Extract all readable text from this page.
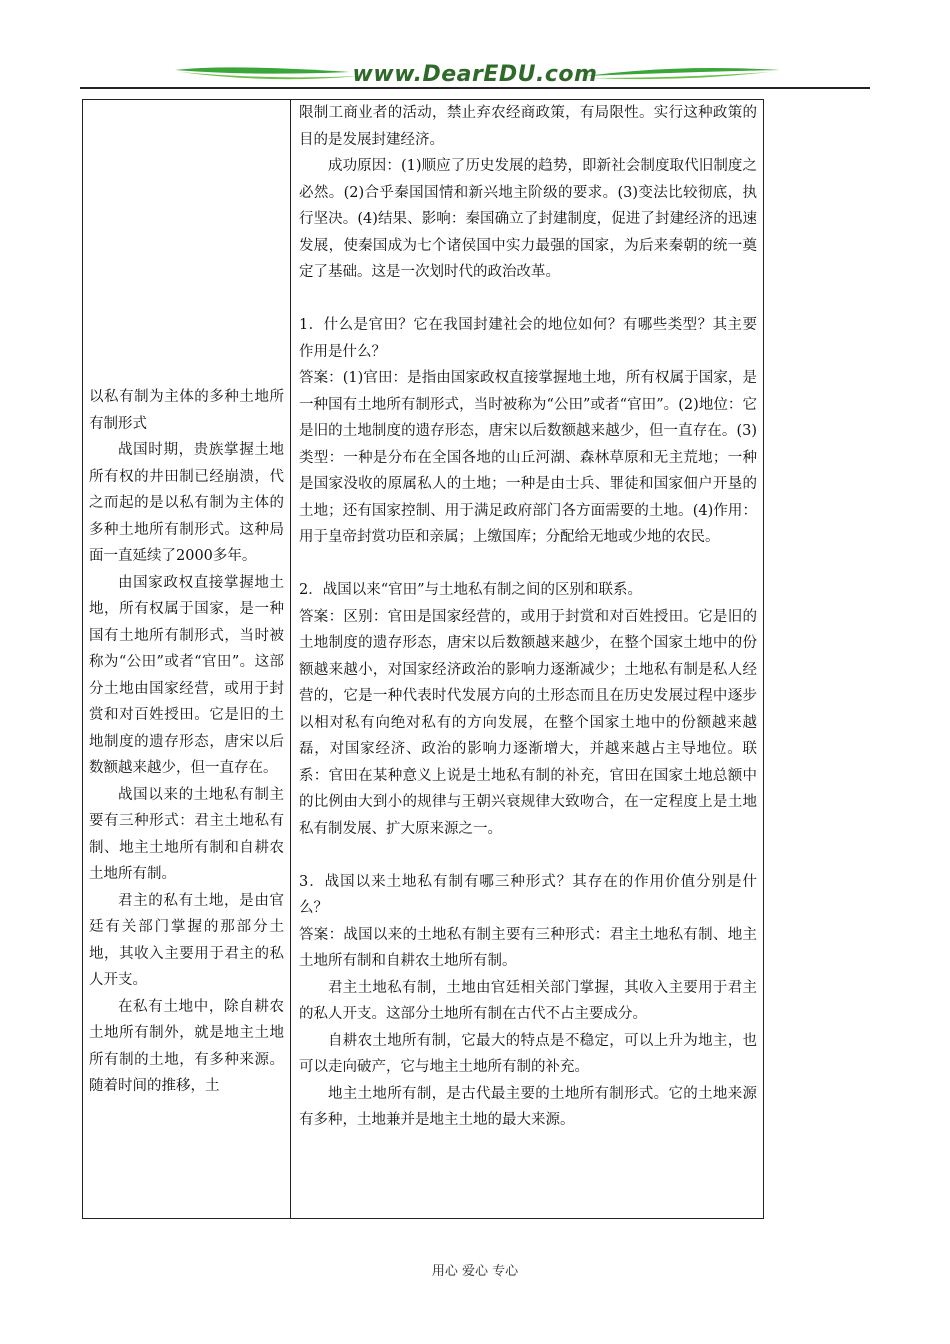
www.DearEDU.com

以私有制为主体的多种土地所有制形式

战国时期，贵族掌握土地所有权的井田制已经崩溃，代之而起的是以私有制为主体的多种土地所有制形式。这种局面一直延续了2000多年。

由国家政权直接掌握地土地，所有权属于国家，是一种国有土地所有制形式，当时被称为“公田”或者“官田”。这部分土地由国家经营，或用于封赏和对百姓授田。它是旧的土地制度的遗存形态，唐宋以后数额越来越少，但一直存在。

战国以来的土地私有制主要有三种形式：君主土地私有制、地主土地所有制和自耕农土地所有制。

君主的私有土地，是由官廷有关部门掌握的那部分土地，其收入主要用于君主的私人开支。

在私有土地中，除自耕农土地所有制外，就是地主土地所有制的土地，有多种来源。随着时间的推移，土

限制工商业者的活动，禁止弃农经商政策，有局限性。实行这种政策的目的是发展封建经济。

成功原因：(1)顺应了历史发展的趋势，即新社会制度取代旧制度之必然。(2)合乎秦国国情和新兴地主阶级的要求。(3)变法比较彻底，执行坚决。(4)结果、影响：秦国确立了封建制度，促进了封建经济的迅速发展，使秦国成为七个诸侯国中实力最强的国家，为后来秦朝的统一奠定了基础。这是一次划时代的政治改革。

1．什么是官田？它在我国封建社会的地位如何？有哪些类型？其主要作用是什么？

答案：(1)官田：是指由国家政权直接掌握地土地，所有权属于国家，是一种国有土地所有制形式，当时被称为“公田”或者“官田”。(2)地位：它是旧的土地制度的遗存形态，唐宋以后数额越来越少，但一直存在。(3)类型：一种是分布在全国各地的山丘河湖、森林草原和无主荒地；一种是国家没收的原属私人的土地；一种是由士兵、罪徒和国家佃户开垦的土地；还有国家控制、用于满足政府部门各方面需要的土地。(4)作用：用于皇帝封赏功臣和亲属；上缴国库；分配给无地或少地的农民。

2．战国以来“官田”与土地私有制之间的区别和联系。

答案：区别：官田是国家经营的，或用于封赏和对百姓授田。它是旧的土地制度的遗存形态，唐宋以后数额越来越少，在整个国家土地中的份额越来越小，对国家经济政治的影响力逐渐减少；土地私有制是私人经营的，它是一种代表时代发展方向的土形态而且在历史发展过程中逐步以相对私有向绝对私有的方向发展，在整个国家土地中的份额越来越磊，对国家经济、政治的影响力逐渐增大，并越来越占主导地位。联系：官田在某种意义上说是土地私有制的补充，官田在国家土地总额中的比例由大到小的规律与王朝兴衰规律大致吻合，在一定程度上是土地私有制发展、扩大原来源之一。

3．战国以来土地私有制有哪三种形式？其存在的作用价值分别是什么？

答案：战国以来的土地私有制主要有三种形式：君主土地私有制、地主土地所有制和自耕农土地所有制。

君主土地私有制，土地由官廷相关部门掌握，其收入主要用于君主的私人开支。这部分土地所有制在古代不占主要成分。

自耕农土地所有制，它最大的特点是不稳定，可以上升为地主，也可以走向破产，它与地主土地所有制的补充。

地主土地所有制，是古代最主要的土地所有制形式。它的土地来源有多种，土地兼并是地主土地的最大来源。

用心 爱心 专心
